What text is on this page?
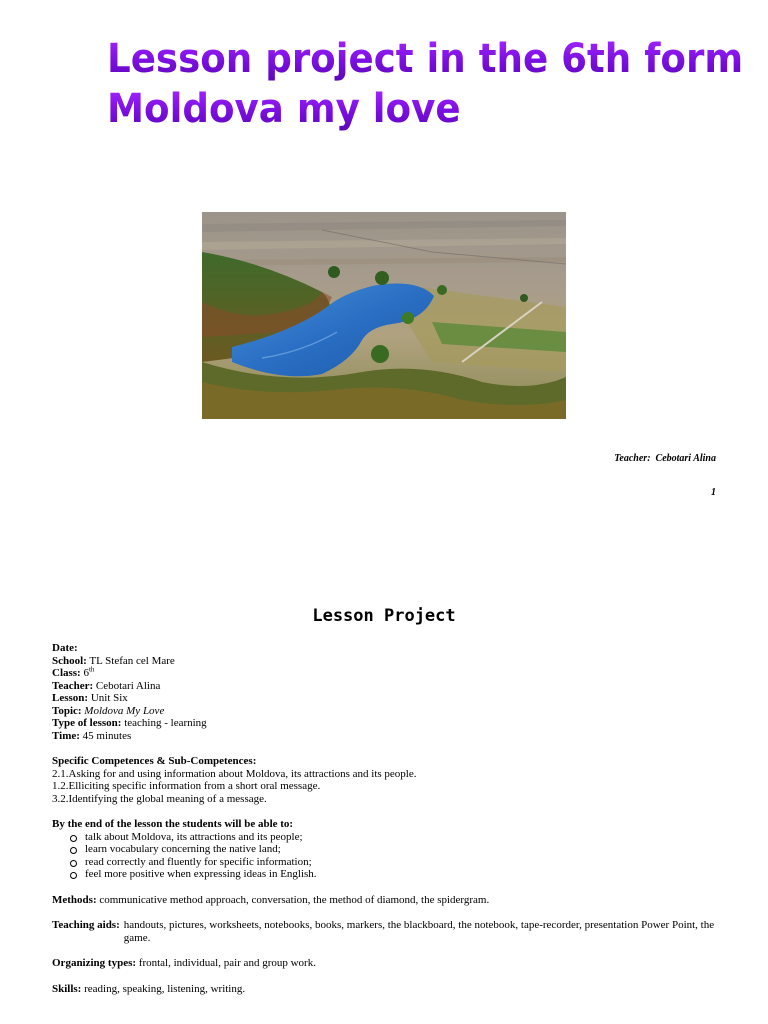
Lesson project in the 6th form
Moldova my love
Teacher:  Cebotari Alina
1
Lesson Project
Date:
School: TL Stefan cel Mare
Class: 6th
Teacher: Cebotari Alina
Lesson: Unit Six
Topic: Moldova My Love
Type of lesson: teaching - learning
Time: 45 minutes
Specific Competences & Sub-Competences:
2.1.Asking for and using information about Moldova, its attractions and its people.
1.2.Elliciting specific information from a short oral message.
3.2.Identifying the global meaning of a message.
By the end of the lesson the students will be able to:
talk about Moldova, its attractions and its people;
learn vocabulary concerning the native land;
read correctly and fluently for specific information;
feel more positive when expressing ideas in English.
Methods: communicative method approach, conversation, the method of diamond, the spidergram.
Teaching aids: handouts, pictures, worksheets, notebooks, books, markers, the blackboard, the notebook, tape-recorder, presentation Power Point, the game.
Organizing types: frontal, individual, pair and group work.
Skills: reading, speaking, listening, writing.
